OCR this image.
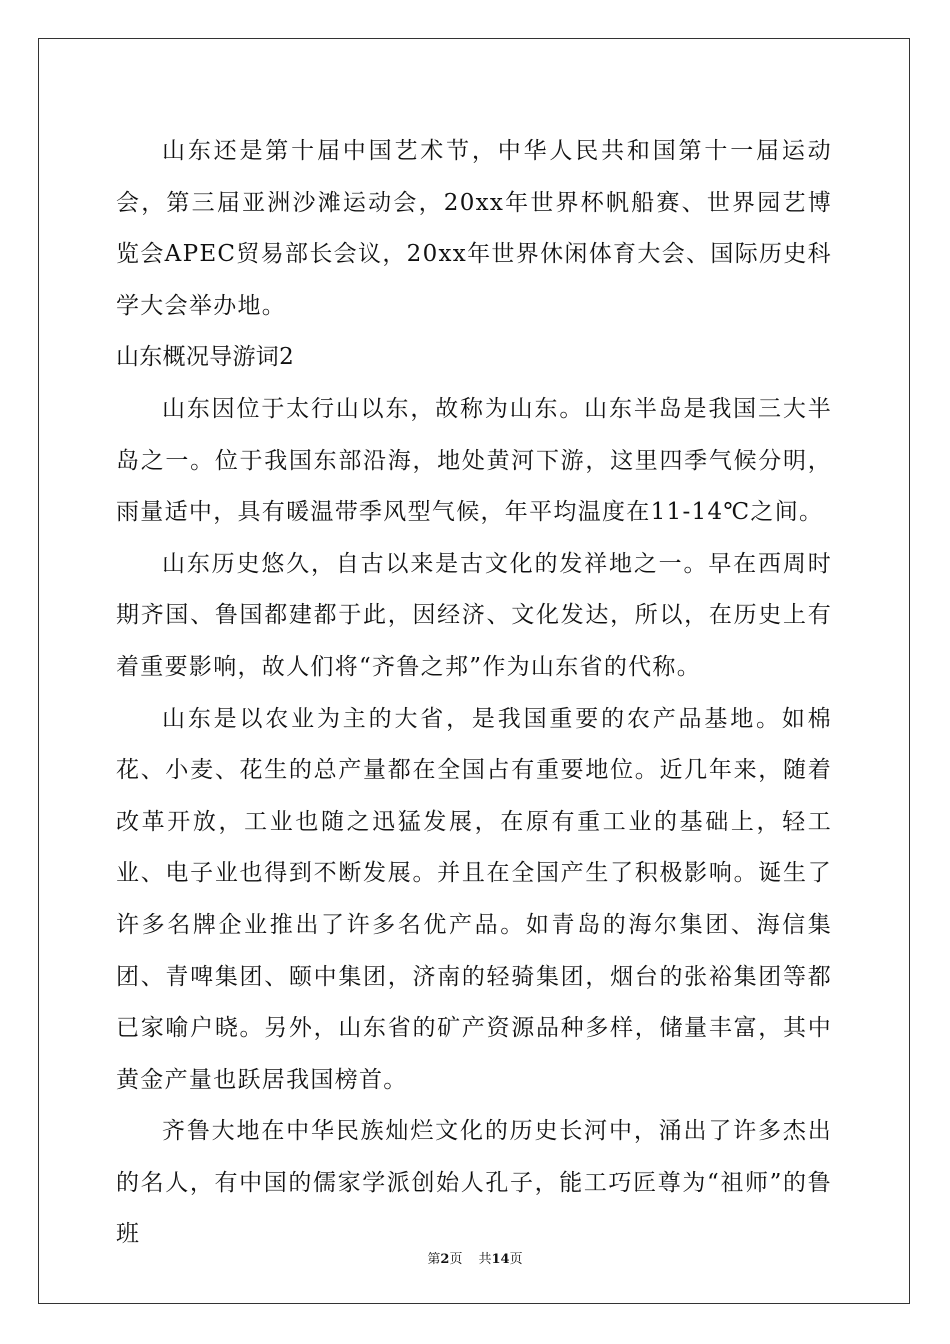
山东还是第十届中国艺术节，中华人民共和国第十一届运动会，第三届亚洲沙滩运动会，20xx年世界杯帆船赛、世界园艺博览会APEC贸易部长会议，20xx年世界休闲体育大会、国际历史科学大会举办地。

山东概况导游词2

山东因位于太行山以东，故称为山东。山东半岛是我国三大半岛之一。位于我国东部沿海，地处黄河下游，这里四季气候分明，雨量适中，具有暖温带季风型气候，年平均温度在11-14℃之间。

山东历史悠久，自古以来是古文化的发祥地之一。早在西周时期齐国、鲁国都建都于此，因经济、文化发达，所以，在历史上有着重要影响，故人们将“齐鲁之邦”作为山东省的代称。

山东是以农业为主的大省，是我国重要的农产品基地。如棉花、小麦、花生的总产量都在全国占有重要地位。近几年来，随着改革开放，工业也随之迅猛发展，在原有重工业的基础上，轻工业、电子业也得到不断发展。并且在全国产生了积极影响。诞生了许多名牌企业推出了许多名优产品。如青岛的海尔集团、海信集团、青啤集团、颐中集团，济南的轻骑集团，烟台的张裕集团等都已家喻户晓。另外，山东省的矿产资源品种多样，储量丰富，其中黄金产量也跃居我国榜首。

齐鲁大地在中华民族灿烂文化的历史长河中，涌出了许多杰出的名人，有中国的儒家学派创始人孔子，能工巧匠尊为“祖师”的鲁班

第2页 共14页
